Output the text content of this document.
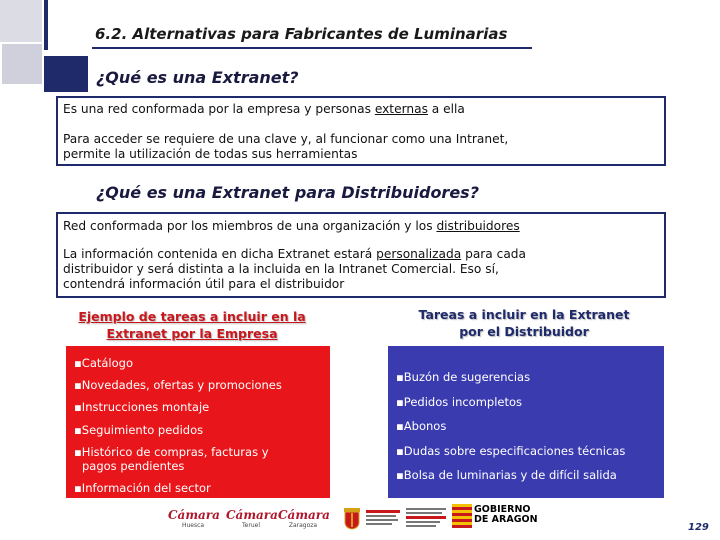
6.2. Alternativas para Fabricantes de Luminarias
¿Qué es una Extranet?

Es una red conformada por la empresa y personas externas a ella

Para acceder se requiere de una clave y, al funcionar como una Intranet,

permite la utilización de todas sus herramientas

¿Qué es una Extranet para Distribuidores?

Red conformada por los miembros de una organización y los distribuidores

La información contenida en dicha Extranet estará personalizada para cada

distribuidor y será distinta a la incluida en la Intranet Comercial. Eso sí,

contendrá información útil para el distribuidor

Ejemplo de tareas a incluir en la
Extranet por la Empresa
Tareas a incluir en la Extranet
por el Distribuidor
▪Catálogo
▪Novedades, ofertas y promociones
▪Instrucciones montaje
▪Seguimiento pedidos
▪Histórico de compras, facturas y
pagos pendientes
▪Información del sector
▪Buzón de sugerencias
▪Pedidos incompletos
▪Abonos
▪Dudas sobre especificaciones técnicas
▪Bolsa de luminarias y de difícil salida
Cámara
Huesca
Cámara
Teruel
Cámara
Zaragoza
GOBIERNO
DE ARAGON
129
